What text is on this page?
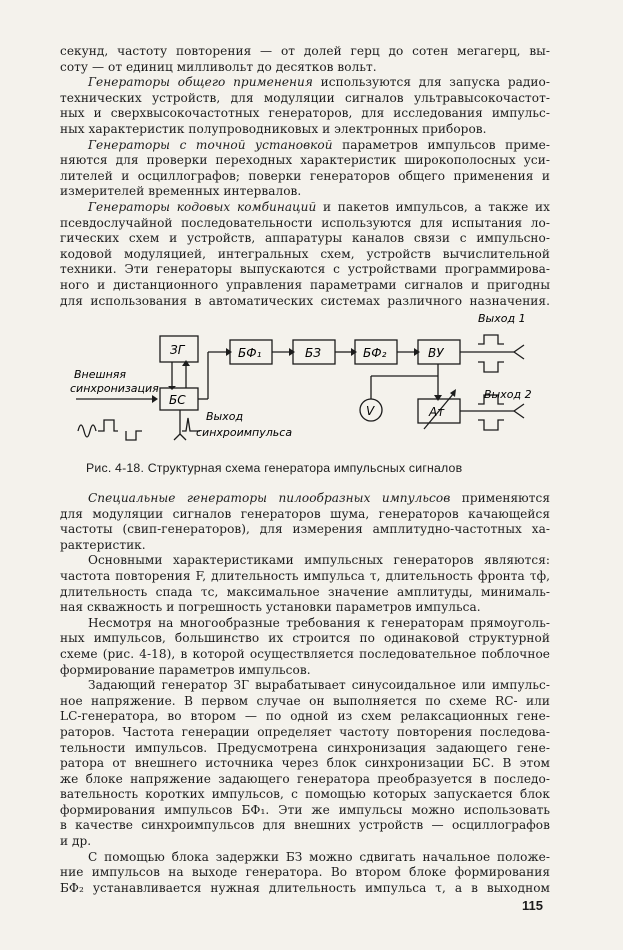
секунд, частоту повторения — от долей герц до сотен мегагерц, вы-
соту — от единиц милливольт до десятков вольт.
Генераторы общего применения используются для запуска радио-
технических устройств, для модуляции сигналов ультравысокочастот-
ных и сверхвысокочастотных генераторов, для исследования импульс-
ных характеристик полупроводниковых и электронных приборов.
Генераторы с точной установкой параметров импульсов приме-
няются для проверки переходных характеристик широкополосных уси-
лителей и осциллографов; поверки генераторов общего применения и
измерителей временных интервалов.
Генераторы кодовых комбинаций и пакетов импульсов, а также их
псевдослучайной последовательности используются для испытания ло-
гических схем и устройств, аппаратуры каналов связи с импульсно-
кодовой модуляцией, интегральных схем, устройств вычислительной
техники. Эти генераторы выпускаются с устройствами программирова-
ного и дистанционного управления параметрами сигналов и пригодны
для использования в автоматических системах различного назначения.
ЗГ	БФ₁	БЗ	БФ₂	ВУ
БС
Ат
V
Внешняя
синхронизация
Выход
синхроимпульса
Выход 1
Выход 2
Рис. 4-18. Структурная схема генератора импульсных сигналов
Специальные генераторы пилообразных импульсов применяются
для модуляции сигналов генераторов шума, генераторов качающейся
частоты (свип-генераторов), для измерения амплитудно-частотных ха-
рактеристик.
Основными характеристиками импульсных генераторов являются:
частота повторения F, длительность импульса τ, длительность фронта τф,
длительность спада τс, максимальное значение амплитуды, минималь-
ная скважность и погрешность установки параметров импульса.
Несмотря на многообразные требования к генераторам прямоуголь-
ных импульсов, большинство их строится по одинаковой структурной
схеме (рис. 4-18), в которой осуществляется последовательное поблочное
формирование параметров импульсов.
Задающий генератор ЗГ вырабатывает синусоидальное или импульс-
ное напряжение. В первом случае он выполняется по схеме RC- или
LC-генератора, во втором — по одной из схем релаксационных гене-
раторов. Частота генерации определяет частоту повторения последова-
тельности импульсов. Предусмотрена синхронизация задающего гене-
ратора от внешнего источника через блок синхронизации БС. В этом
же блоке напряжение задающего генератора преобразуется в последо-
вательность коротких импульсов, с помощью которых запускается блок
формирования импульсов БФ₁. Эти же импульсы можно использовать
в качестве синхроимпульсов для внешних устройств — осциллографов
и др.
С помощью блока задержки БЗ можно сдвигать начальное положе-
ние импульсов на выходе генератора. Во втором блоке формирования
БФ₂ устанавливается нужная длительность импульса τ, а в выходном
115
